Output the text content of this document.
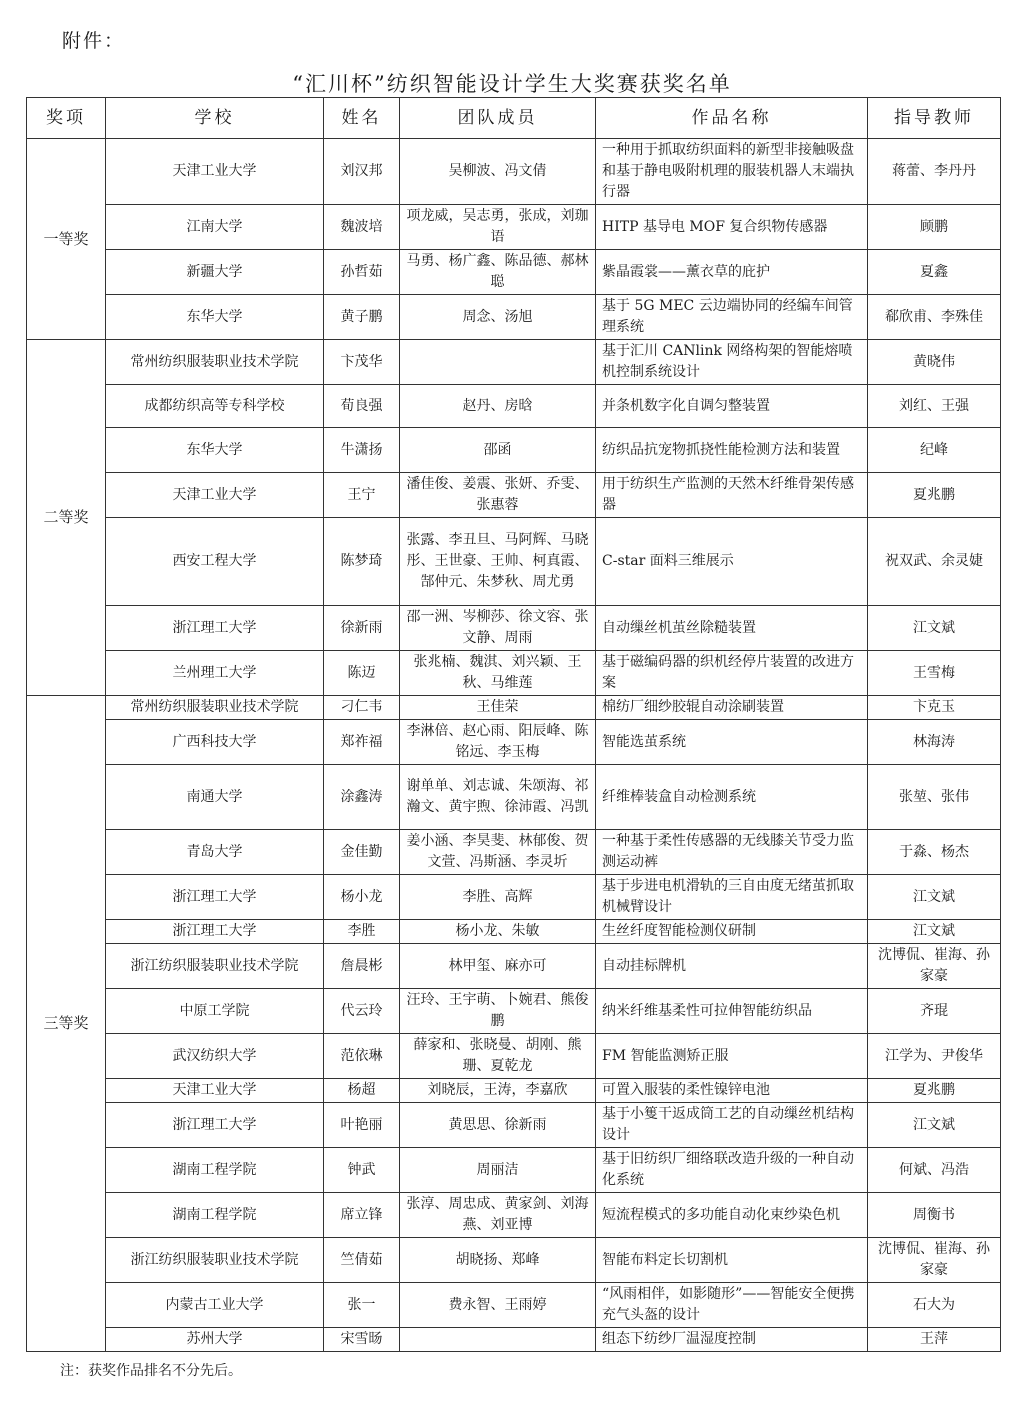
附件：
“汇川杯”纺织智能设计学生大奖赛获奖名单
奖项	学校	姓名	团队成员	作品名称	指导教师
一等奖	天津工业大学	刘汉邦	吴柳波、冯文倩	一种用于抓取纺织面料的新型非接触吸盘和基于静电吸附机理的服装机器人末端执行器	蒋蕾、李丹丹
	江南大学	魏波培	项龙威，吴志勇，张成，刘珈语	HITP 基导电 MOF 复合织物传感器	顾鹏
	新疆大学	孙哲茹	马勇、杨广鑫、陈品德、郝林聪	紫晶霞裳——薰衣草的庇护	夏鑫
	东华大学	黄子鹏	周念、汤旭	基于 5G MEC 云边端协同的经编车间管理系统	郗欣甫、李殊佳
二等奖	常州纺织服装职业技术学院	卞茂华		基于汇川 CANlink 网络构架的智能熔喷机控制系统设计	黄晓伟
	成都纺织高等专科学校	荀良强	赵丹、房晗	并条机数字化自调匀整装置	刘红、王强
	东华大学	牛潇扬	邵函	纺织品抗宠物抓挠性能检测方法和装置	纪峰
	天津工业大学	王宁	潘佳俊、姜震、张妍、乔雯、张惠蓉	用于纺织生产监测的天然木纤维骨架传感器	夏兆鹏
	西安工程大学	陈梦琦	张露、李丑旦、马阿辉、马晓彤、王世豪、王帅、柯真霞、郜仲元、朱梦秋、周尤勇	C-star 面料三维展示	祝双武、余灵婕
	浙江理工大学	徐新雨	邵一洲、岑柳莎、徐文容、张文静、周雨	自动缫丝机茧丝除糙装置	江文斌
	兰州理工大学	陈迈	张兆楠、魏淇、刘兴颖、王秋、马维莲	基于磁编码器的织机经停片装置的改进方案	王雪梅
三等奖	常州纺织服装职业技术学院	刁仁韦	王佳荣	棉纺厂细纱胶辊自动涂刷装置	卞克玉
	广西科技大学	郑祚福	李淋倍、赵心雨、阳辰峰、陈铭远、李玉梅	智能选茧系统	林海涛
	南通大学	涂鑫涛	谢单单、刘志诚、朱颂海、祁瀚文、黄宇煦、徐沛霞、冯凯	纤维棒装盒自动检测系统	张堃、张伟
	青岛大学	金佳勤	姜小涵、李昊斐、林郁俊、贺文萱、冯斯涵、李灵圻	一种基于柔性传感器的无线膝关节受力监测运动裤	于淼、杨杰
	浙江理工大学	杨小龙	李胜、高辉	基于步进电机滑轨的三自由度无绪茧抓取机械臂设计	江文斌
	浙江理工大学	李胜	杨小龙、朱敏	生丝纤度智能检测仪研制	江文斌
	浙江纺织服装职业技术学院	詹晨彬	林甲玺、麻亦可	自动挂标牌机	沈博侃、崔海、孙家豪
	中原工学院	代云玲	汪玲、王宇萌、卜婉君、熊俊鹏	纳米纤维基柔性可拉伸智能纺织品	齐琨
	武汉纺织大学	范依琳	薛家和、张晓曼、胡刚、熊珊、夏乾龙	FM 智能监测矫正服	江学为、尹俊华
	天津工业大学	杨超	刘晓辰，王涛，李嘉欣	可置入服装的柔性镍锌电池	夏兆鹏
	浙江理工大学	叶艳丽	黄思思、徐新雨	基于小篗干返成筒工艺的自动缫丝机结构设计	江文斌
	湖南工程学院	钟武	周丽洁	基于旧纺织厂细络联改造升级的一种自动化系统	何斌、冯浩
	湖南工程学院	席立锋	张淳、周忠成、黄家剑、刘海燕、刘亚博	短流程模式的多功能自动化束纱染色机	周衡书
	浙江纺织服装职业技术学院	竺倩茹	胡晓扬、郑峰	智能布料定长切割机	沈博侃、崔海、孙家豪
	内蒙古工业大学	张一	费永智、王雨婷	“风雨相伴，如影随形”——智能安全便携充气头盔的设计	石大为
	苏州大学	宋雪旸		组态下纺纱厂温湿度控制	王萍
注：获奖作品排名不分先后。
